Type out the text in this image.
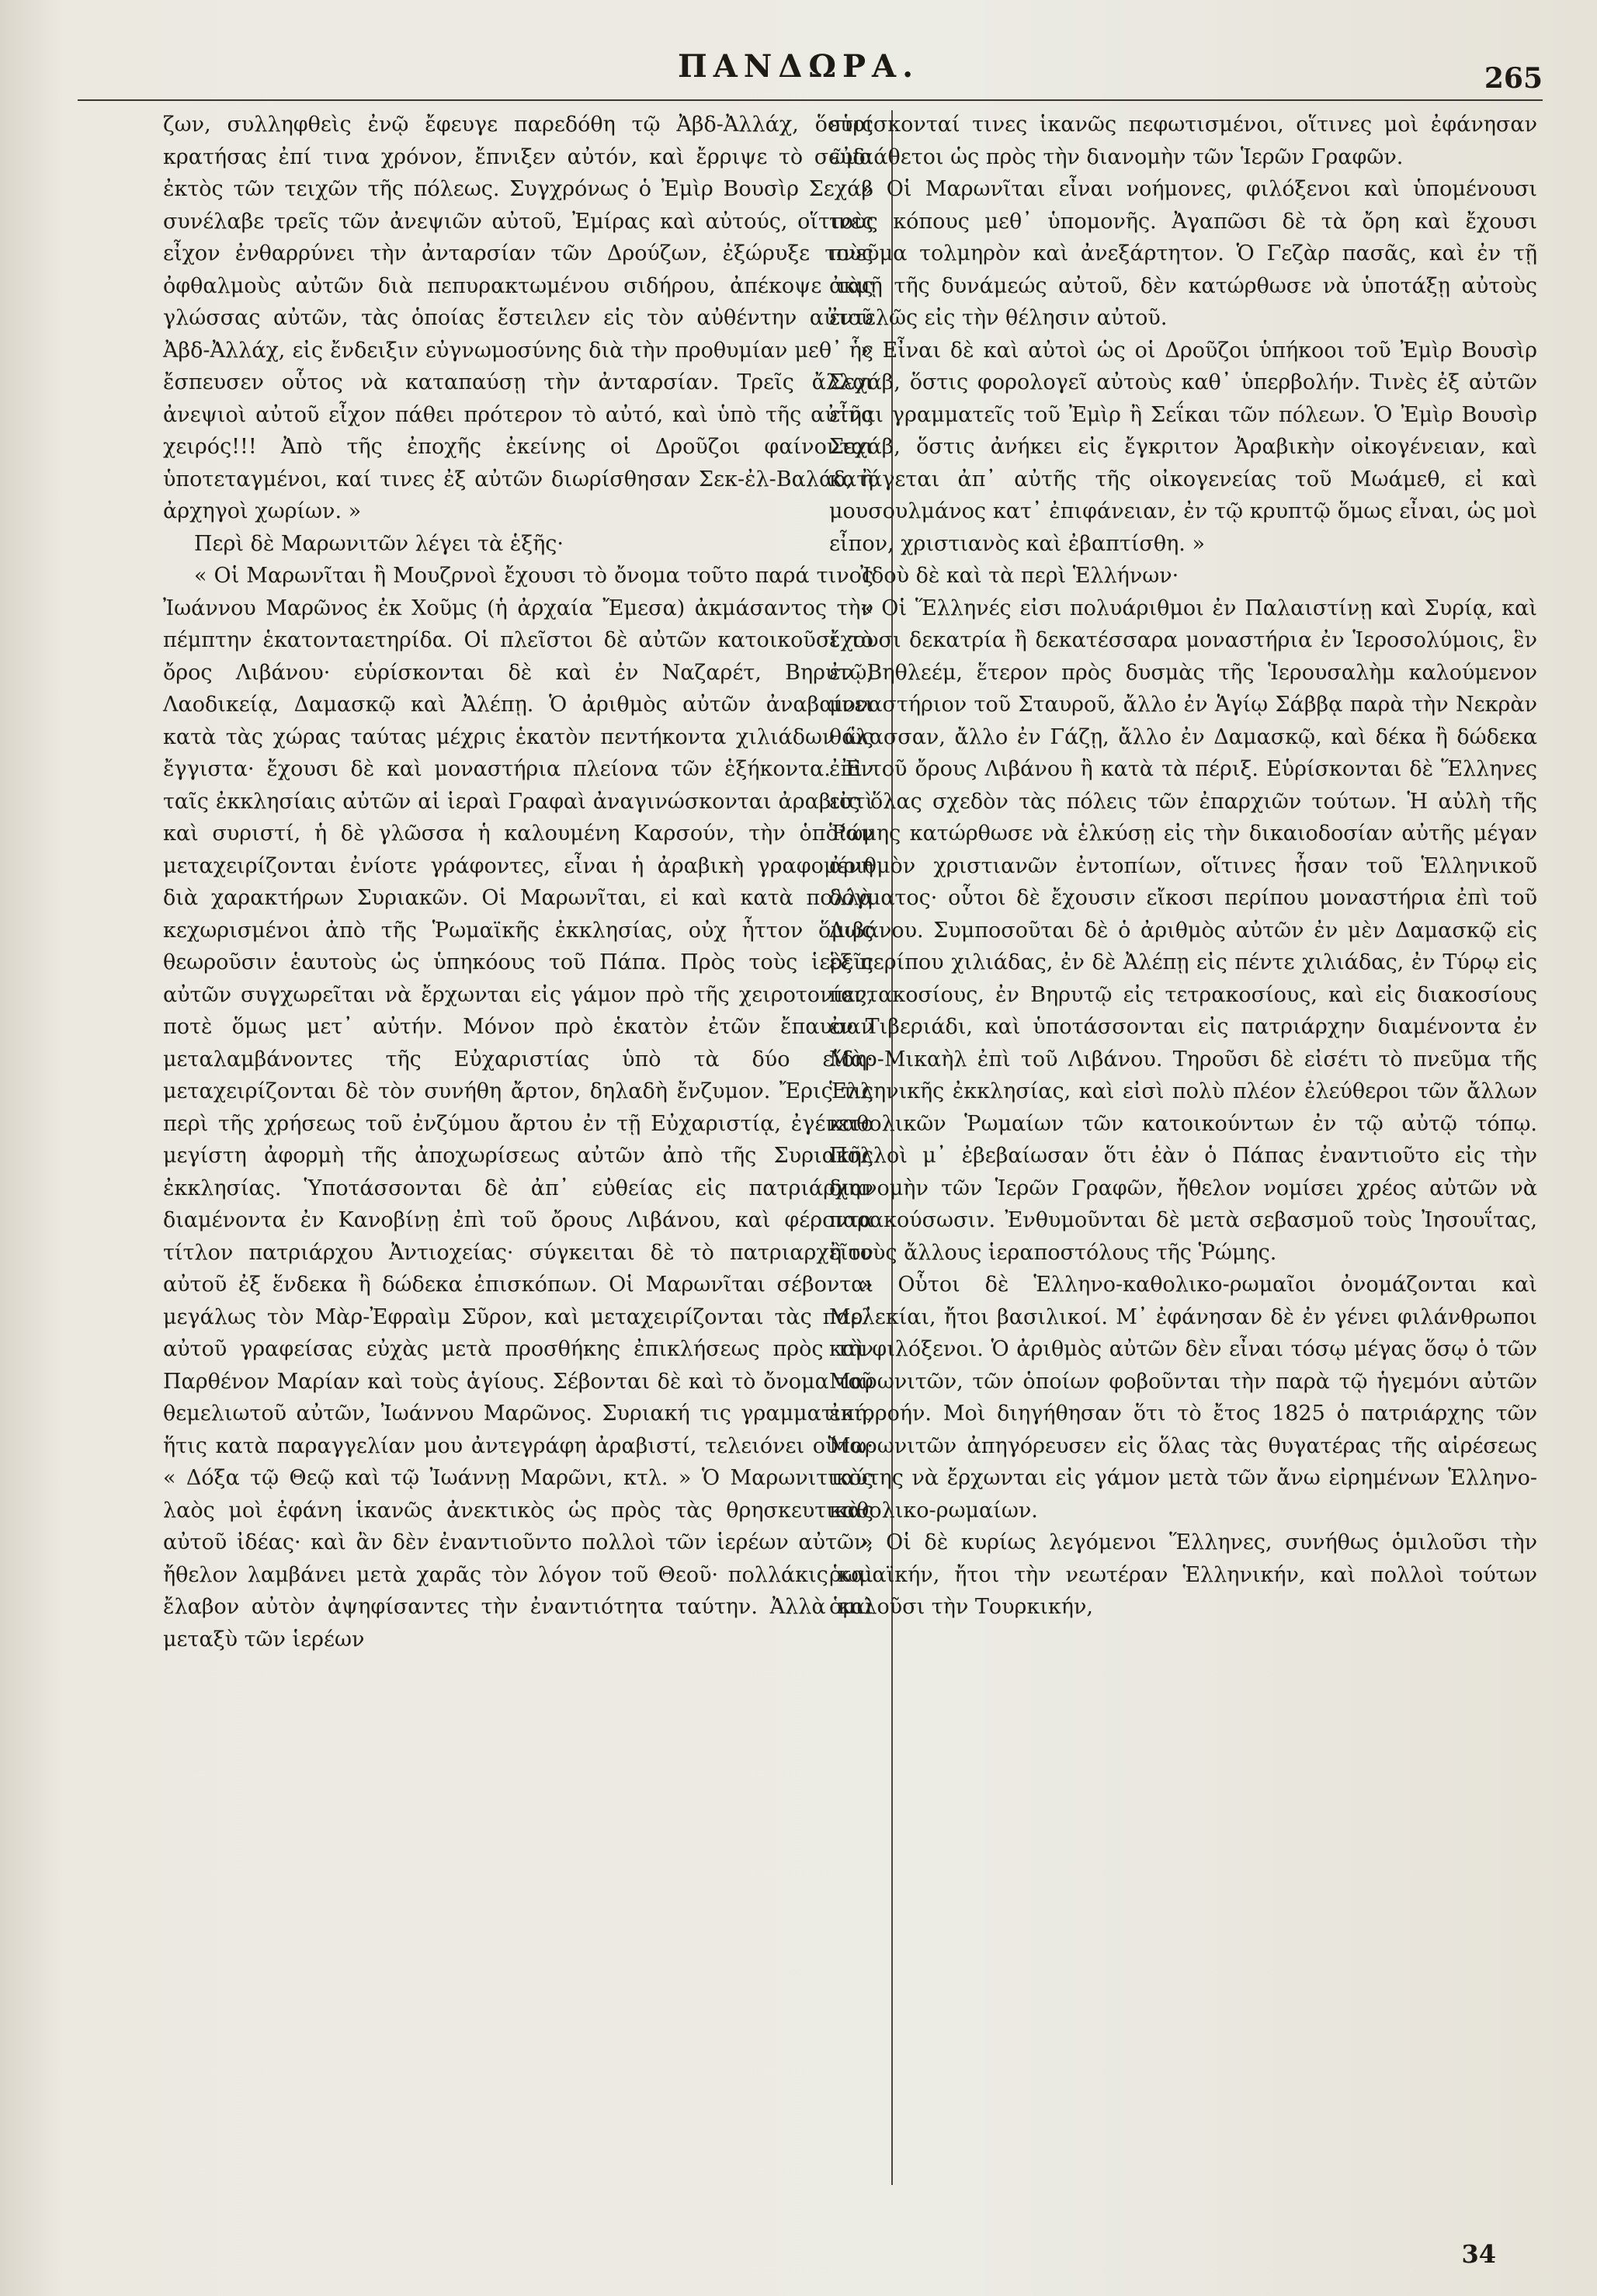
ΠΑΝΔΩΡΑ.	265

ζων, συλληφθεὶς ἐνῷ ἔφευγε παρεδόθη τῷ Ἀβδ-Ἀλλάχ, ὅστις κρατήσας ἐπί τινα χρόνον, ἔπνιξεν αὐτόν, καὶ ἔρριψε τὸ σῶμα ἐκτὸς τῶν τειχῶν τῆς πόλεως. Συγχρόνως ὁ Ἐμὶρ Βουσὶρ Σεχάβ συνέλαβε τρεῖς τῶν ἀνεψιῶν αὐτοῦ, Ἐμίρας καὶ αὐτούς, οἵτινες εἶχον ἐνθαρρύνει τὴν ἀνταρσίαν τῶν Δρούζων, ἐξώρυξε τοὺς ὀφθαλμοὺς αὐτῶν διὰ πεπυρακτωμένου σιδήρου, ἀπέκοψε τὰς γλώσσας αὐτῶν, τὰς ὁποίας ἔστειλεν εἰς τὸν αὐθέντην αὐτοῦ Ἀβδ-Ἀλλάχ, εἰς ἔνδειξιν εὐγνωμοσύνης διὰ τὴν προθυμίαν μεθ᾽ ἧς ἔσπευσεν οὗτος νὰ καταπαύσῃ τὴν ἀνταρσίαν. Τρεῖς ἄλλοι ἀνεψιοὶ αὐτοῦ εἶχον πάθει πρότερον τὸ αὐτό, καὶ ὑπὸ τῆς αὐτῆς χειρός!!! Ἀπὸ τῆς ἐποχῆς ἐκείνης οἱ Δροῦζοι φαίνονται ὑποτεταγμένοι, καί τινες ἐξ αὐτῶν διωρίσθησαν Σεκ-ἐλ-Βαλάδ, ἢ ἀρχηγοὶ χωρίων. »

Περὶ δὲ Μαρωνιτῶν λέγει τὰ ἑξῆς·

« Οἱ Μαρωνῖται ἢ Μουζρνοὶ ἔχουσι τὸ ὄνομα τοῦτο παρά τινος Ἰωάννου Μαρῶνος ἐκ Χοῦμς (ἡ ἀρχαία Ἔμεσα) ἀκμάσαντος τὴν πέμπτην ἑκατονταετηρίδα. Οἱ πλεῖστοι δὲ αὐτῶν κατοικοῦσι τὸ ὄρος Λιβάνου· εὑρίσκονται δὲ καὶ ἐν Ναζαρέτ, Βηρυτῷ, Λαοδικείᾳ, Δαμασκῷ καὶ Ἀλέπῃ. Ὁ ἀριθμὸς αὐτῶν ἀναβαίνει κατὰ τὰς χώρας ταύτας μέχρις ἑκατὸν πεντήκοντα χιλιάδων ὡς ἔγγιστα· ἔχουσι δὲ καὶ μοναστήρια πλείονα τῶν ἑξήκοντα. Ἐν ταῖς ἐκκλησίαις αὐτῶν αἱ ἱεραὶ Γραφαὶ ἀναγινώσκονται ἀραβιστὶ καὶ συριστί, ἡ δὲ γλῶσσα ἡ καλουμένη Καρσούν, τὴν ὁποίαν μεταχειρίζονται ἐνίοτε γράφοντες, εἶναι ἡ ἀραβικὴ γραφομένη διὰ χαρακτήρων Συριακῶν. Οἱ Μαρωνῖται, εἰ καὶ κατὰ πολλὰ κεχωρισμένοι ἀπὸ τῆς Ῥωμαϊκῆς ἐκκλησίας, οὐχ ἧττον ὅμως θεωροῦσιν ἑαυτοὺς ὡς ὑπηκόους τοῦ Πάπα. Πρὸς τοὺς ἱερεῖς αὐτῶν συγχωρεῖται νὰ ἔρχωνται εἰς γάμον πρὸ τῆς χειροτονίας, ποτὲ ὅμως μετ᾽ αὐτήν. Μόνον πρὸ ἑκατὸν ἐτῶν ἔπαυσαν μεταλαμβάνοντες τῆς Εὐχαριστίας ὑπὸ τὰ δύο εἴδη· μεταχειρίζονται δὲ τὸν συνήθη ἄρτον, δηλαδὴ ἔνζυμον. Ἔρις τις περὶ τῆς χρήσεως τοῦ ἐνζύμου ἄρτου ἐν τῇ Εὐχαριστίᾳ, ἐγένετο μεγίστη ἀφορμὴ τῆς ἀποχωρίσεως αὐτῶν ἀπὸ τῆς Συριακῆς ἐκκλησίας. Ὑποτάσσονται δὲ ἀπ᾽ εὐθείας εἰς πατριάρχην διαμένοντα ἐν Κανοβίνῃ ἐπὶ τοῦ ὄρους Λιβάνου, καὶ φέροντα τίτλον πατριάρχου Ἀντιοχείας· σύγκειται δὲ τὸ πατριαρχεῖον αὐτοῦ ἐξ ἕνδεκα ἢ δώδεκα ἐπισκόπων. Οἱ Μαρωνῖται σέβονται μεγάλως τὸν Μὰρ-Ἐφραὶμ Σῦρον, καὶ μεταχειρίζονται τὰς παρ᾽ αὐτοῦ γραφείσας εὐχὰς μετὰ προσθήκης ἐπικλήσεως πρὸς τὴν Παρθένον Μαρίαν καὶ τοὺς ἁγίους. Σέβονται δὲ καὶ τὸ ὄνομα τοῦ θεμελιωτοῦ αὐτῶν, Ἰωάννου Μαρῶνος. Συριακή τις γραμματική, ἥτις κατὰ παραγγελίαν μου ἀντεγράφη ἀραβιστί, τελειόνει οὕτω· « Δόξα τῷ Θεῷ καὶ τῷ Ἰωάννῃ Μαρῶνι, κτλ. » Ὁ Μαρωνιτικὸς λαὸς μοὶ ἐφάνη ἱκανῶς ἀνεκτικὸς ὡς πρὸς τὰς θρησκευτικὰς αὐτοῦ ἰδέας· καὶ ἂν δὲν ἐναντιοῦντο πολλοὶ τῶν ἱερέων αὐτῶν, ἤθελον λαμβάνει μετὰ χαρᾶς τὸν λόγον τοῦ Θεοῦ· πολλάκις καὶ ἔλαβον αὐτὸν ἀψηφίσαντες τὴν ἐναντιότητα ταύτην. Ἀλλὰ καὶ μεταξὺ τῶν ἱερέων

εὑρίσκονταί τινες ἱκανῶς πεφωτισμένοι, οἵτινες μοὶ ἐφάνησαν εὐδιάθετοι ὡς πρὸς τὴν διανομὴν τῶν Ἱερῶν Γραφῶν.

» Οἱ Μαρωνῖται εἶναι νοήμονες, φιλόξενοι καὶ ὑπομένουσι τοὺς κόπους μεθ᾽ ὑπομονῆς. Ἀγαπῶσι δὲ τὰ ὄρη καὶ ἔχουσι πνεῦμα τολμηρὸν καὶ ἀνεξάρτητον. Ὁ Γεζὰρ πασᾶς, καὶ ἐν τῇ ἀκμῇ τῆς δυνάμεώς αὐτοῦ, δὲν κατώρθωσε νὰ ὑποτάξῃ αὐτοὺς ἐντελῶς εἰς τὴν θέλησιν αὐτοῦ.

» Εἶναι δὲ καὶ αὐτοὶ ὡς οἱ Δροῦζοι ὑπήκοοι τοῦ Ἐμὶρ Βουσὶρ Σεχάβ, ὅστις φορολογεῖ αὐτοὺς καθ᾽ ὑπερβολήν. Τινὲς ἐξ αὐτῶν εἶναι γραμματεῖς τοῦ Ἐμὶρ ἢ Σεΐκαι τῶν πόλεων. Ὁ Ἐμὶρ Βουσὶρ Σεχάβ, ὅστις ἀνήκει εἰς ἔγκριτον Ἀραβικὴν οἰκογένειαν, καὶ κατάγεται ἀπ᾽ αὐτῆς τῆς οἰκογενείας τοῦ Μωάμεθ, εἰ καὶ μουσουλμάνος κατ᾽ ἐπιφάνειαν, ἐν τῷ κρυπτῷ ὅμως εἶναι, ὡς μοὶ εἶπον, χριστιανὸς καὶ ἐβαπτίσθη. »

Ἰδοὺ δὲ καὶ τὰ περὶ Ἑλλήνων·

« Οἱ Ἕλληνές εἰσι πολυάριθμοι ἐν Παλαιστίνῃ καὶ Συρίᾳ, καὶ ἔχουσι δεκατρία ἢ δεκατέσσαρα μοναστήρια ἐν Ἱεροσολύμοις, ἓν ἐν Βηθλεέμ, ἕτερον πρὸς δυσμὰς τῆς Ἱερουσαλὴμ καλούμενον μοναστήριον τοῦ Σταυροῦ, ἄλλο ἐν Ἁγίῳ Σάββᾳ παρὰ τὴν Νεκρὰν θάλασσαν, ἄλλο ἐν Γάζῃ, ἄλλο ἐν Δαμασκῷ, καὶ δέκα ἢ δώδεκα ἐπὶ τοῦ ὄρους Λιβάνου ἢ κατὰ τὰ πέριξ. Εὑρίσκονται δὲ Ἕλληνες εἰς ὅλας σχεδὸν τὰς πόλεις τῶν ἐπαρχιῶν τούτων. Ἡ αὐλὴ τῆς Ῥώμης κατώρθωσε νὰ ἑλκύσῃ εἰς τὴν δικαιοδοσίαν αὐτῆς μέγαν ἀριθμὸν χριστιανῶν ἐντοπίων, οἵτινες ἦσαν τοῦ Ἑλληνικοῦ δόγματος· οὗτοι δὲ ἔχουσιν εἴκοσι περίπου μοναστήρια ἐπὶ τοῦ Λιβάνου. Συμποσοῦται δὲ ὁ ἀριθμὸς αὐτῶν ἐν μὲν Δαμασκῷ εἰς ἓξ περίπου χιλιάδας, ἐν δὲ Ἀλέπῃ εἰς πέντε χιλιάδας, ἐν Τύρῳ εἰς πεντακοσίους, ἐν Βηρυτῷ εἰς τετρακοσίους, καὶ εἰς διακοσίους ἐν Τιβεριάδι, καὶ ὑποτάσσονται εἰς πατριάρχην διαμένοντα ἐν Μὰρ-Μικαὴλ ἐπὶ τοῦ Λιβάνου. Τηροῦσι δὲ εἰσέτι τὸ πνεῦμα τῆς Ἑλληνικῆς ἐκκλησίας, καὶ εἰσὶ πολὺ πλέον ἐλεύθεροι τῶν ἄλλων καθολικῶν Ῥωμαίων τῶν κατοικούντων ἐν τῷ αὐτῷ τόπῳ. Πολλοὶ μ᾽ ἐβεβαίωσαν ὅτι ἐὰν ὁ Πάπας ἐναντιοῦτο εἰς τὴν διανομὴν τῶν Ἱερῶν Γραφῶν, ἤθελον νομίσει χρέος αὐτῶν νὰ παρακούσωσιν. Ἐνθυμοῦνται δὲ μετὰ σεβασμοῦ τοὺς Ἰησουΐτας, ἢ τοὺς ἄλλους ἱεραποστόλους τῆς Ῥώμης.

» Οὗτοι δὲ Ἑλληνο-καθολικο-ρωμαῖοι ὀνομάζονται καὶ Μελεκίαι, ἤτοι βασιλικοί. Μ᾽ ἐφάνησαν δὲ ἐν γένει φιλάνθρωποι καὶ φιλόξενοι. Ὁ ἀριθμὸς αὐτῶν δὲν εἶναι τόσῳ μέγας ὅσῳ ὁ τῶν Μαρωνιτῶν, τῶν ὁποίων φοβοῦνται τὴν παρὰ τῷ ἡγεμόνι αὐτῶν ἐπιρροήν. Μοὶ διηγήθησαν ὅτι τὸ ἔτος 1825 ὁ πατριάρχης τῶν Μαρωνιτῶν ἀπηγόρευσεν εἰς ὅλας τὰς θυγατέρας τῆς αἱρέσεως ταύτης νὰ ἔρχωνται εἰς γάμον μετὰ τῶν ἄνω εἰρημένων Ἑλληνο-καθολικο-ρωμαίων.

» Οἱ δὲ κυρίως λεγόμενοι Ἕλληνες, συνήθως ὁμιλοῦσι τὴν ῥωμαϊκήν, ἤτοι τὴν νεωτέραν Ἑλληνικήν, καὶ πολλοὶ τούτων ὁμιλοῦσι τὴν Τουρκικήν,

34
